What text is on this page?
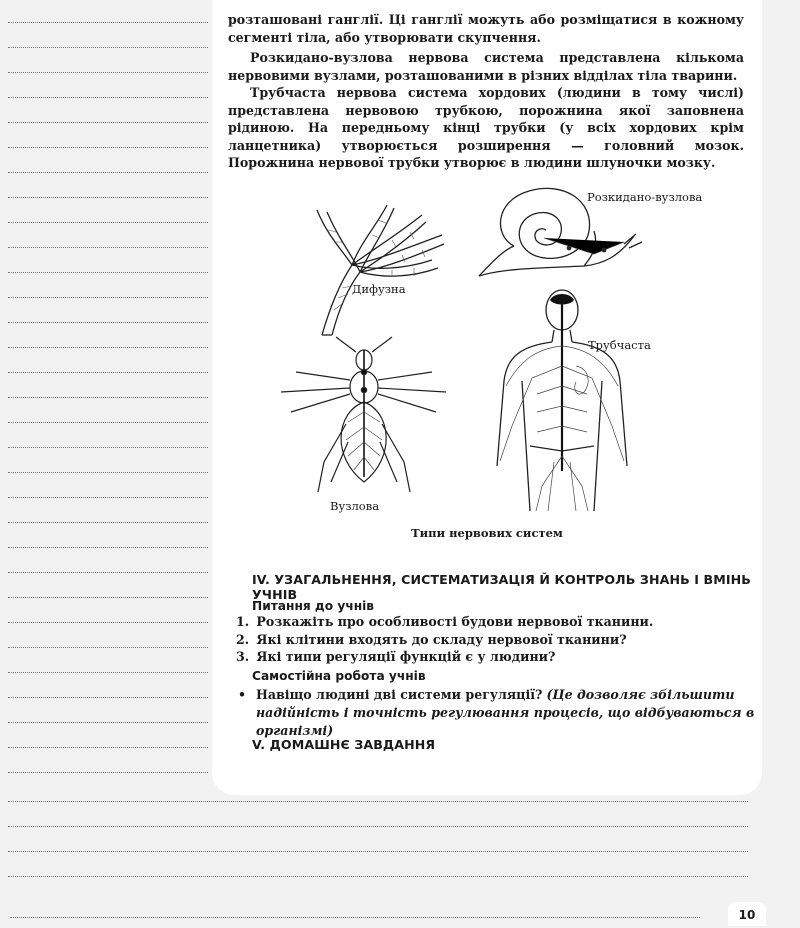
розташовані ганглії. Ці ганглії можуть або розміщатися в кожному сегменті тіла, або утворювати скупчення.

Розкидано-вузлова нервова система представлена кількома нервовими вузлами, розташованими в різних відділах тіла тварини.

Трубчаста нервова система хордових (людини в тому числі) представлена нервовою трубкою, порожнина якої заповнена рідиною. На передньому кінці трубки (у всіх хордових крім ланцетника) утворюється розширення — головний мозок. Порожнина нервової трубки утворює в людини шлуночки мозку.

Дифузна
Розкидано-вузлова
Вузлова
Трубчаста
Типи нервових систем
IV. УЗАГАЛЬНЕННЯ, СИСТЕМАТИЗАЦІЯ Й КОНТРОЛЬ ЗНАНЬ І ВМІНЬ УЧНІВ
Питання до учнів
1. Розкажіть про особливості будови нервової тканини.
2. Які клітини входять до складу нервової тканини?
3. Які типи регуляції функцій є у людини?
Самостійна робота учнів
• Навіщо людині дві системи регуляції? (Це дозволяє збільшити надійність і точність регулювання процесів, що відбуваються в організмі)
V. ДОМАШНЄ ЗАВДАННЯ
10
